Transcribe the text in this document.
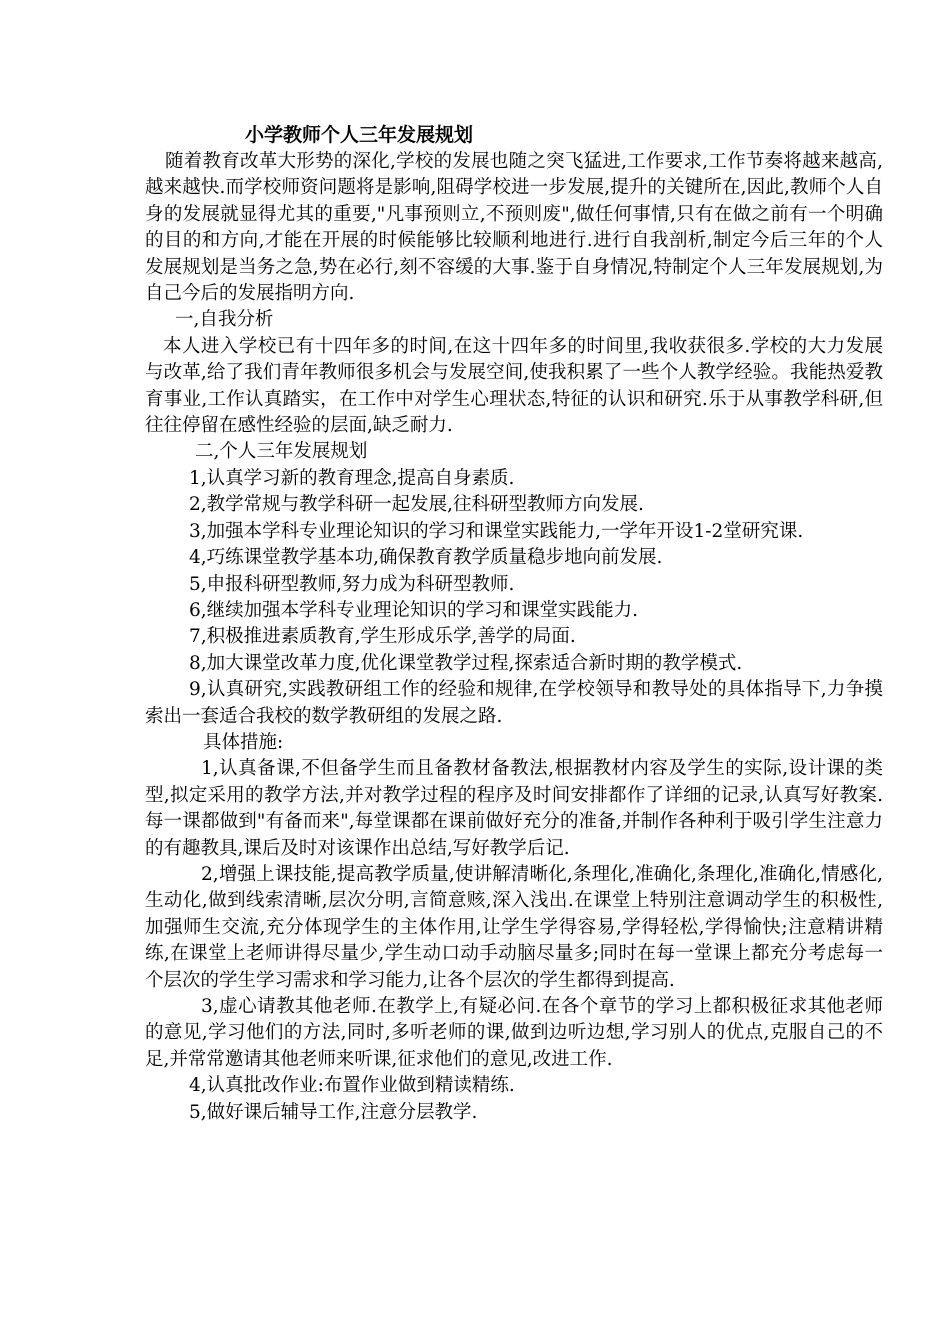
小学教师个人三年发展规划

随着教育改革大形势的深化,学校的发展也随之突飞猛进,工作要求,工作节奏将越来越高,越来越快.而学校师资问题将是影响,阻碍学校进一步发展,提升的关键所在,因此,教师个人自身的发展就显得尤其的重要,"凡事预则立,不预则废",做任何事情,只有在做之前有一个明确的目的和方向,才能在开展的时候能够比较顺利地进行.进行自我剖析,制定今后三年的个人发展规划是当务之急,势在必行,刻不容缓的大事.鉴于自身情况,特制定个人三年发展规划,为自己今后的发展指明方向.

一,自我分析

本人进入学校已有十四年多的时间,在这十四年多的时间里,我收获很多.学校的大力发展与改革,给了我们青年教师很多机会与发展空间,使我积累了一些个人教学经验。我能热爱教育事业,工作认真踏实，在工作中对学生心理状态,特征的认识和研究.乐于从事教学科研,但往往停留在感性经验的层面,缺乏耐力.

二,个人三年发展规划

1,认真学习新的教育理念,提高自身素质.

2,教学常规与教学科研一起发展,往科研型教师方向发展.

3,加强本学科专业理论知识的学习和课堂实践能力,一学年开设1-2堂研究课.

4,巧练课堂教学基本功,确保教育教学质量稳步地向前发展.

5,申报科研型教师,努力成为科研型教师.

6,继续加强本学科专业理论知识的学习和课堂实践能力.

7,积极推进素质教育,学生形成乐学,善学的局面.

8,加大课堂改革力度,优化课堂教学过程,探索适合新时期的教学模式.

9,认真研究,实践教研组工作的经验和规律,在学校领导和教导处的具体指导下,力争摸索出一套适合我校的数学教研组的发展之路.

具体措施:

1,认真备课,不但备学生而且备教材备教法,根据教材内容及学生的实际,设计课的类型,拟定采用的教学方法,并对教学过程的程序及时间安排都作了详细的记录,认真写好教案.每一课都做到"有备而来",每堂课都在课前做好充分的准备,并制作各种利于吸引学生注意力的有趣教具,课后及时对该课作出总结,写好教学后记.

2,增强上课技能,提高教学质量,使讲解清晰化,条理化,准确化,条理化,准确化,情感化,生动化,做到线索清晰,层次分明,言简意赅,深入浅出.在课堂上特别注意调动学生的积极性,加强师生交流,充分体现学生的主体作用,让学生学得容易,学得轻松,学得愉快;注意精讲精练,在课堂上老师讲得尽量少,学生动口动手动脑尽量多;同时在每一堂课上都充分考虑每一个层次的学生学习需求和学习能力,让各个层次的学生都得到提高.

3,虚心请教其他老师.在教学上,有疑必问.在各个章节的学习上都积极征求其他老师的意见,学习他们的方法,同时,多听老师的课,做到边听边想,学习别人的优点,克服自己的不足,并常常邀请其他老师来听课,征求他们的意见,改进工作.

4,认真批改作业:布置作业做到精读精练.

5,做好课后辅导工作,注意分层教学.
